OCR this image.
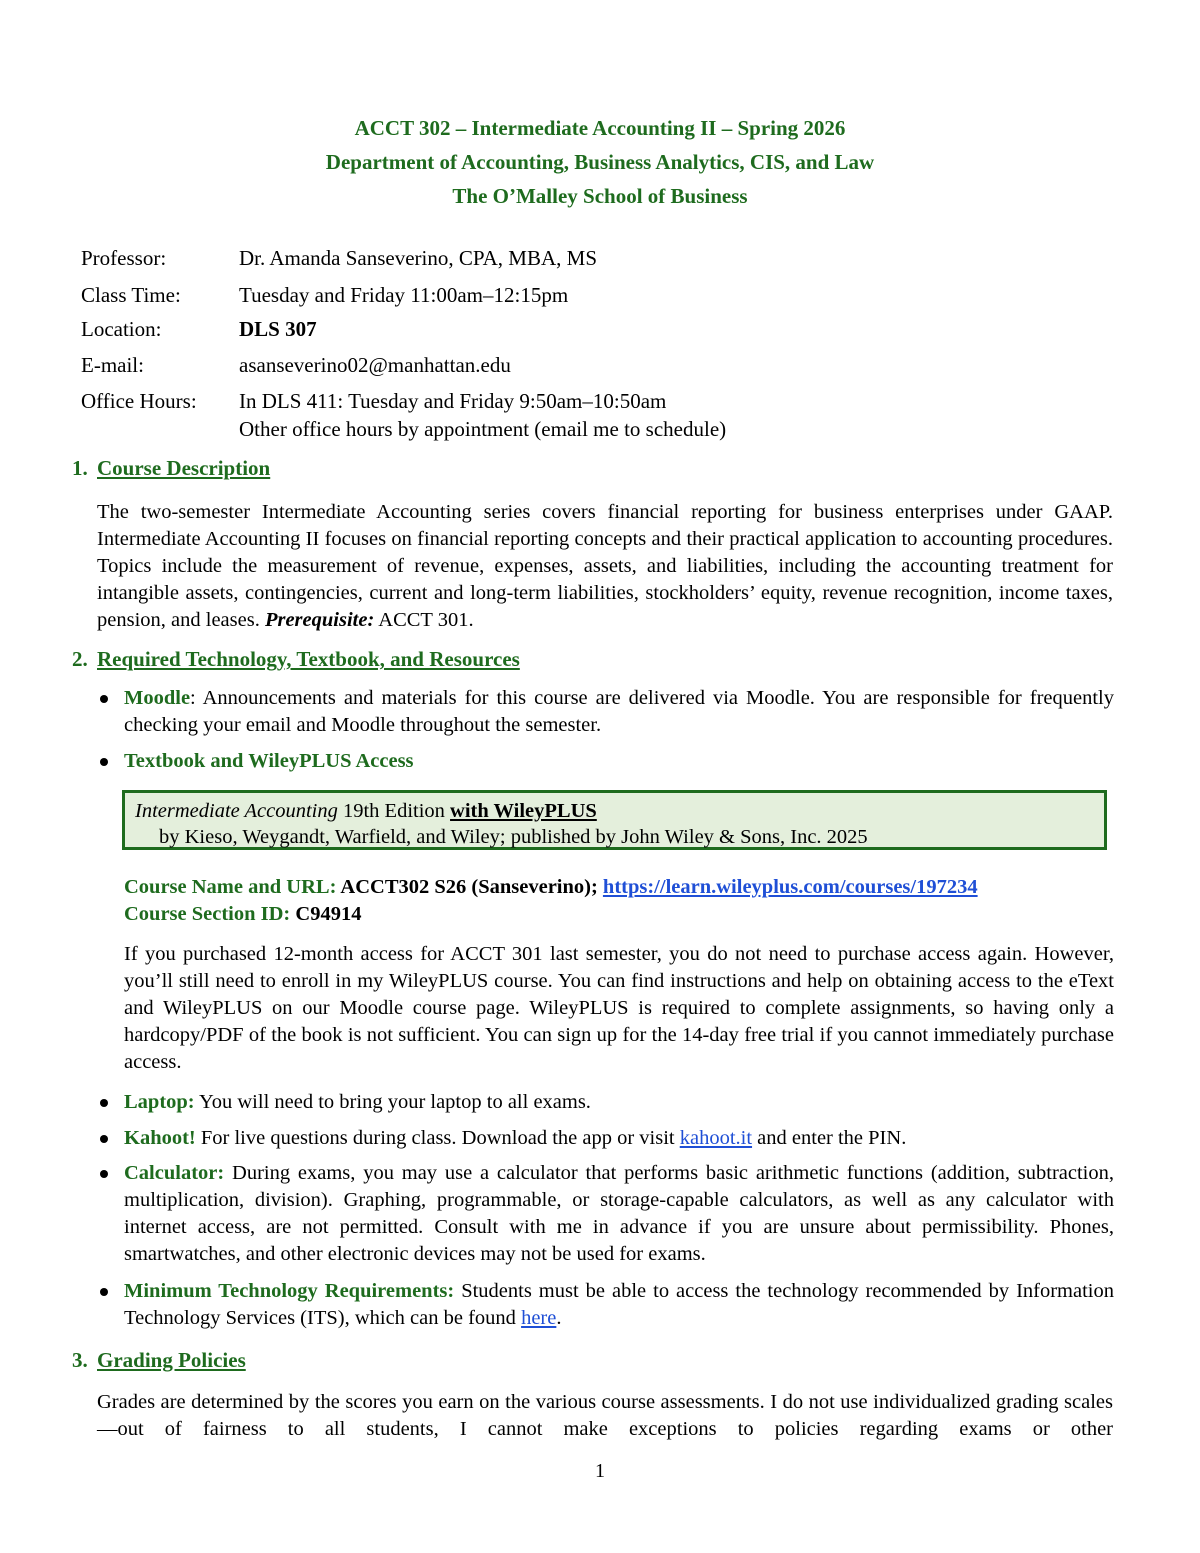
ACCT 302 – Intermediate Accounting II – Spring 2026
Department of Accounting, Business Analytics, CIS, and Law
The O’Malley School of Business
Professor:	Dr. Amanda Sanseverino, CPA, MBA, MS
Class Time:	Tuesday and Friday 11:00am–12:15pm
Location:	DLS 307
E-mail:	asanseverino02@manhattan.edu
Office Hours:	In DLS 411: Tuesday and Friday 9:50am–10:50am
Other office hours by appointment (email me to schedule)
1. Course Description
The two-semester Intermediate Accounting series covers financial reporting for business enterprises under GAAP. Intermediate Accounting II focuses on financial reporting concepts and their practical application to accounting procedures. Topics include the measurement of revenue, expenses, assets, and liabilities, including the accounting treatment for intangible assets, contingencies, current and long-term liabilities, stockholders’ equity, revenue recognition, income taxes, pension, and leases. Prerequisite: ACCT 301.
2. Required Technology, Textbook, and Resources
Moodle: Announcements and materials for this course are delivered via Moodle. You are responsible for frequently checking your email and Moodle throughout the semester.
Textbook and WileyPLUS Access
Intermediate Accounting 19th Edition with WileyPLUS
by Kieso, Weygandt, Warfield, and Wiley; published by John Wiley & Sons, Inc. 2025
Course Name and URL: ACCT302 S26 (Sanseverino); https://learn.wileyplus.com/courses/197234
Course Section ID: C94914
If you purchased 12-month access for ACCT 301 last semester, you do not need to purchase access again. However, you’ll still need to enroll in my WileyPLUS course. You can find instructions and help on obtaining access to the eText and WileyPLUS on our Moodle course page. WileyPLUS is required to complete assignments, so having only a hardcopy/PDF of the book is not sufficient. You can sign up for the 14-day free trial if you cannot immediately purchase access.
Laptop: You will need to bring your laptop to all exams.
Kahoot! For live questions during class. Download the app or visit kahoot.it and enter the PIN.
Calculator: During exams, you may use a calculator that performs basic arithmetic functions (addition, subtraction, multiplication, division). Graphing, programmable, or storage-capable calculators, as well as any calculator with internet access, are not permitted. Consult with me in advance if you are unsure about permissibility. Phones, smartwatches, and other electronic devices may not be used for exams.
Minimum Technology Requirements: Students must be able to access the technology recommended by Information Technology Services (ITS), which can be found here.
3. Grading Policies
Grades are determined by the scores you earn on the various course assessments. I do not use individualized grading scales—out of fairness to all students, I cannot make exceptions to policies regarding exams or other
1
